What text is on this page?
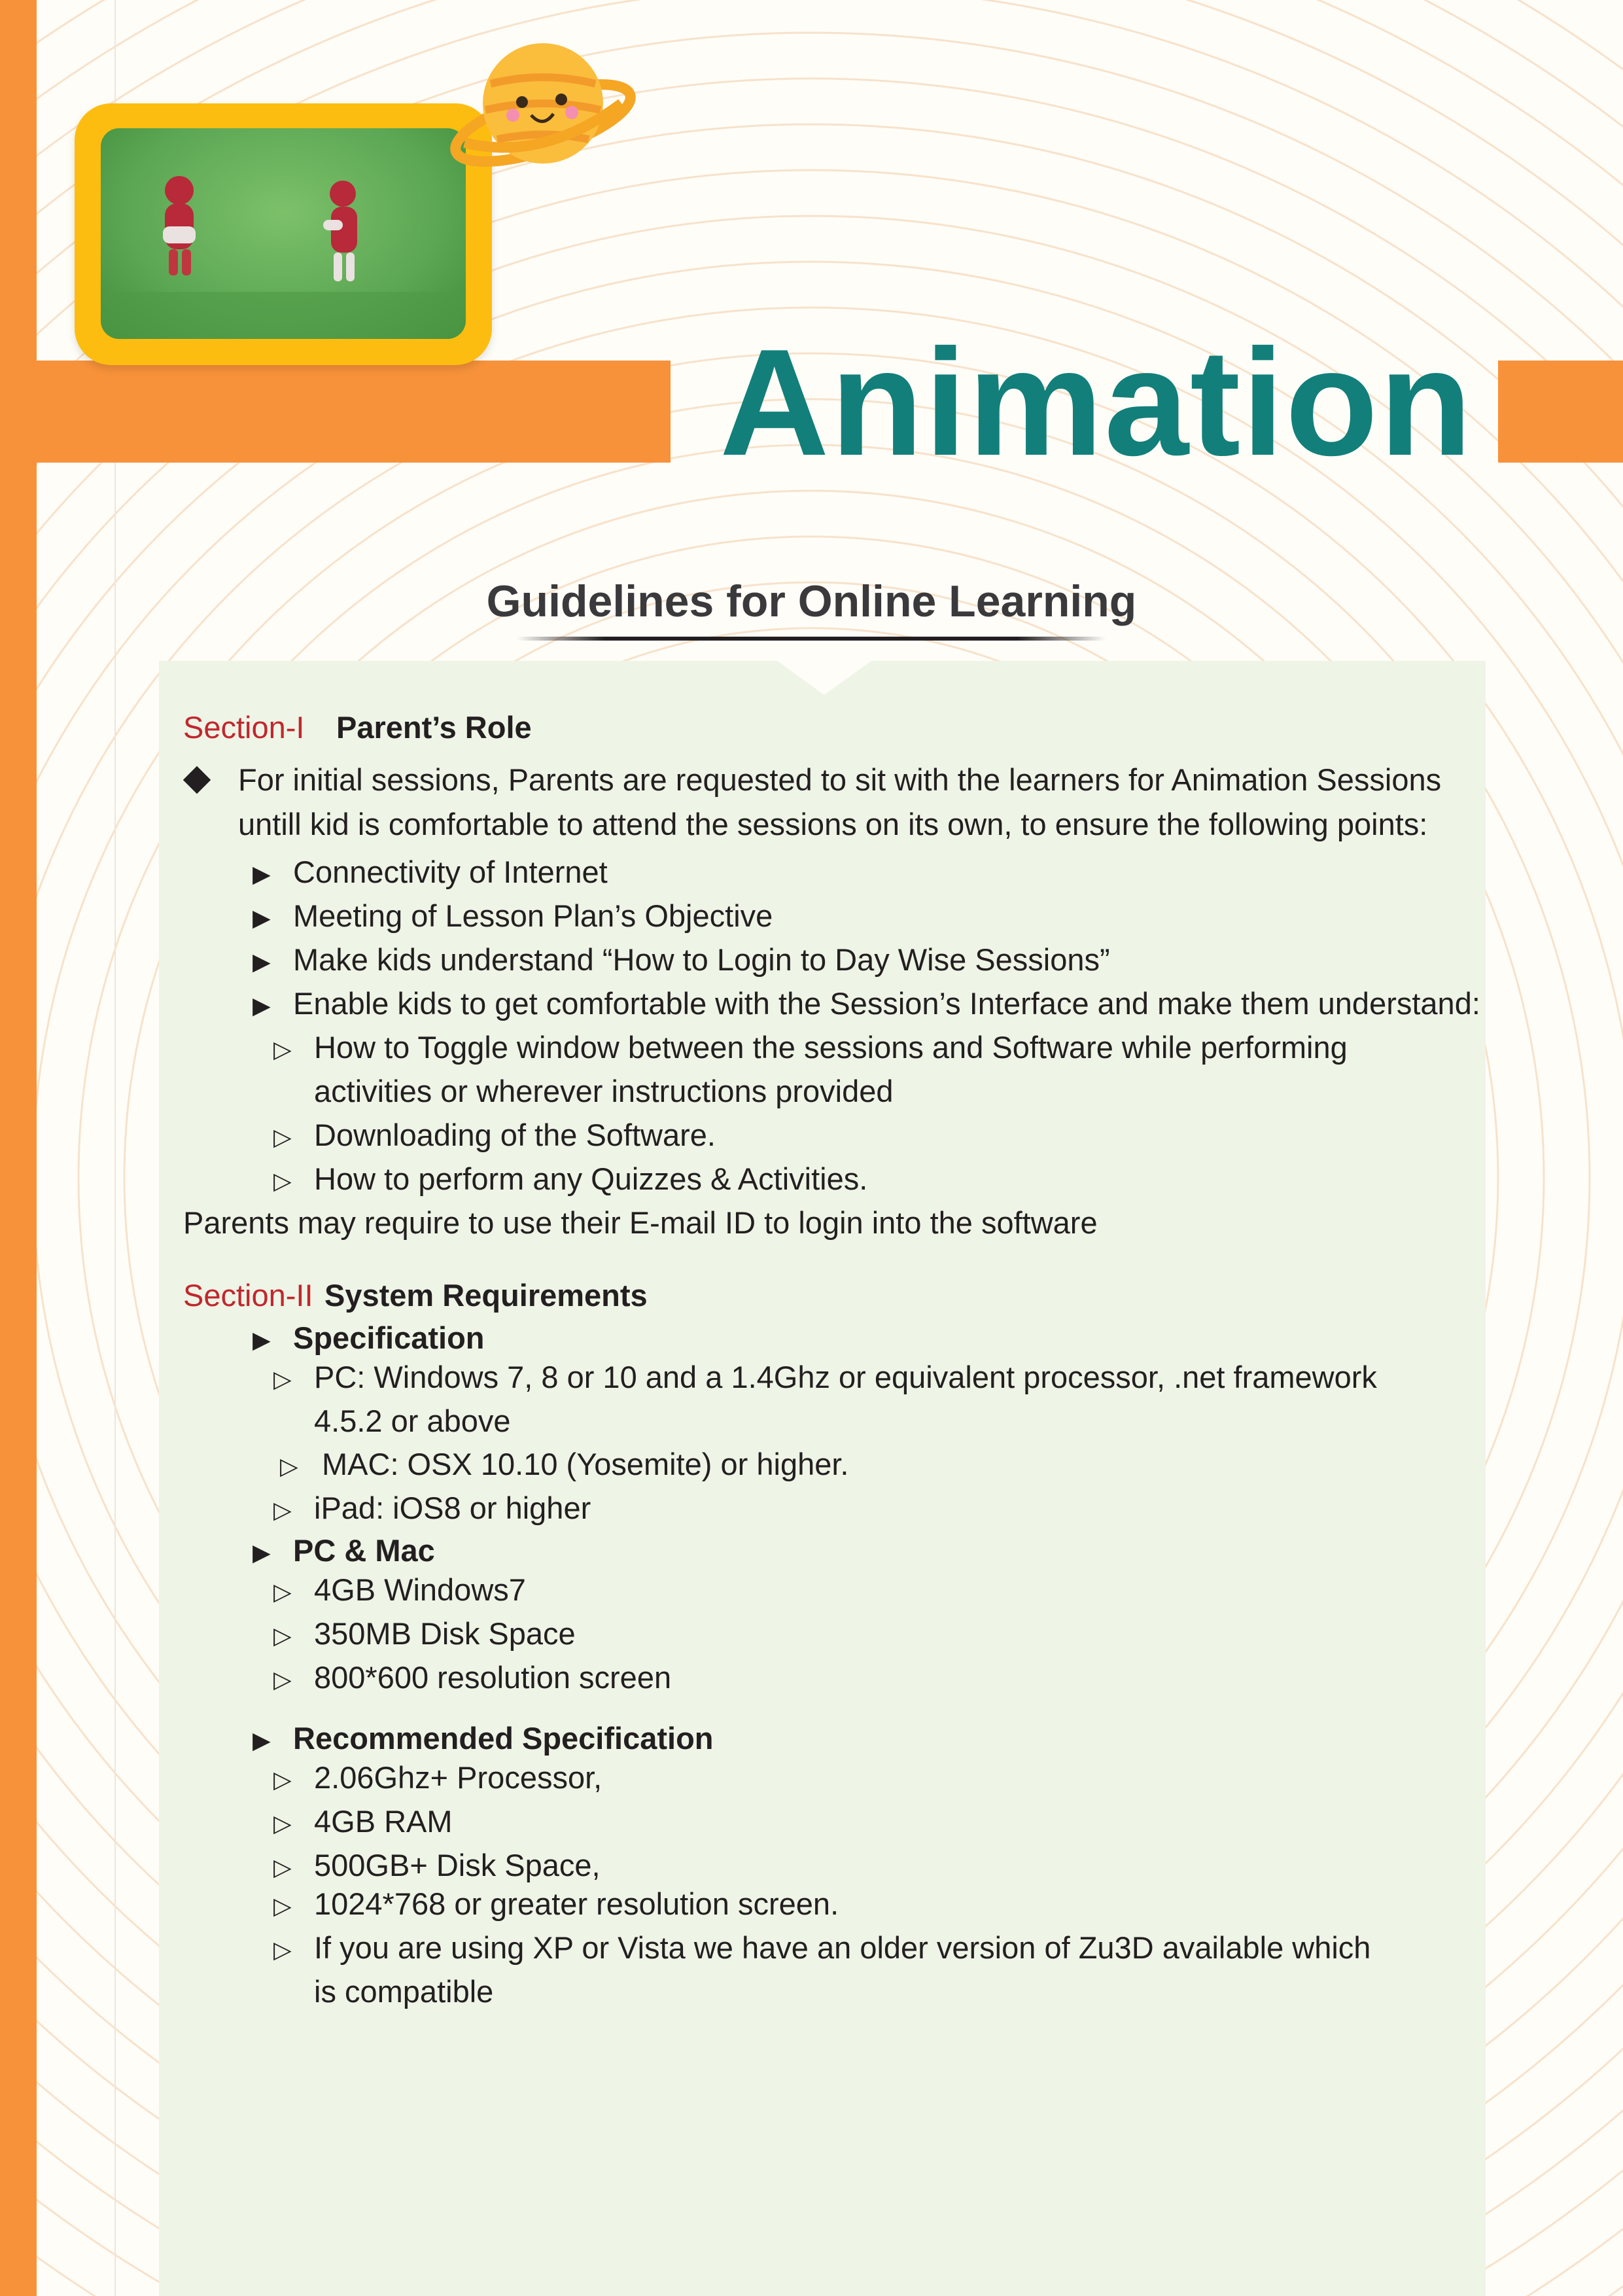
Animation
Guidelines for Online Learning
Section-I Parent’s Role
For initial sessions, Parents are requested to sit with the learners for Animation Sessions
untill kid is comfortable to attend the sessions on its own, to ensure the following points:
▶ Connectivity of Internet
▶ Meeting of Lesson Plan’s Objective
▶ Make kids understand “How to Login to Day Wise Sessions”
▶ Enable kids to get comfortable with the Session’s Interface and make them understand:
▷ How to Toggle window between the sessions and Software while performing
activities or wherever instructions provided
▷ Downloading of the Software.
▷ How to perform any Quizzes & Activities.
Parents may require to use their E-mail ID to login into the software
Section-II System Requirements
▶ Specification
▷ PC: Windows 7, 8 or 10 and a 1.4Ghz or equivalent processor, .net framework
4.5.2 or above
▷ MAC: OSX 10.10 (Yosemite) or higher.
▷ iPad: iOS8 or higher
▶ PC & Mac
▷ 4GB Windows7
▷ 350MB Disk Space
▷ 800*600 resolution screen
▶ Recommended Specification
▷ 2.06Ghz+ Processor,
▷ 4GB RAM
▷ 500GB+ Disk Space,
▷ 1024*768 or greater resolution screen.
▷ If you are using XP or Vista we have an older version of Zu3D available which
is compatible
